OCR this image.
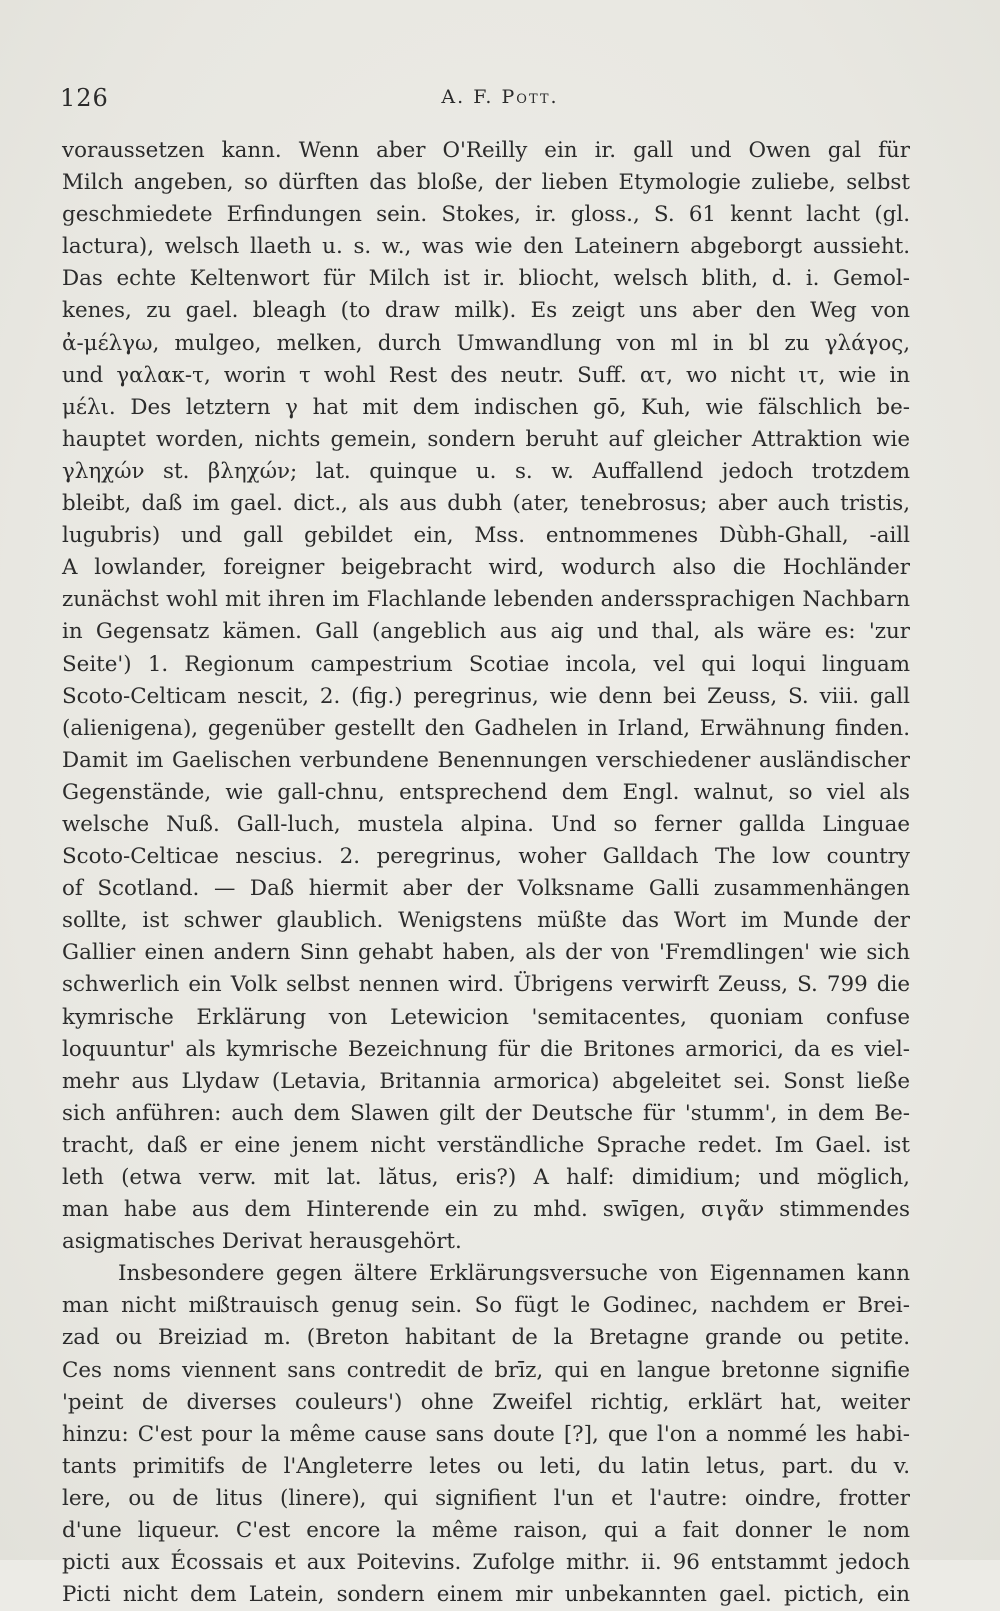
126	A. F. Pott.
voraussetzen kann. Wenn aber O'Reilly ein ir. gall und Owen gal für
Milch angeben, so dürften das bloße, der lieben Etymologie zuliebe, selbst
geschmiedete Erfindungen sein. Stokes, ir. gloss., S. 61 kennt lacht (gl.
lactura), welsch llaeth u. s. w., was wie den Lateinern abgeborgt aussieht.
Das echte Keltenwort für Milch ist ir. bliocht, welsch blith, d. i. Gemol-
kenes, zu gael. bleagh (to draw milk). Es zeigt uns aber den Weg von
ἀ-μέλγω, mulgeo, melken, durch Umwandlung von ml in bl zu γλάγος,
und γαλακ-τ, worin τ wohl Rest des neutr. Suff. ατ, wo nicht ιτ, wie in
μέλι. Des letztern γ hat mit dem indischen gō, Kuh, wie fälschlich be-
hauptet worden, nichts gemein, sondern beruht auf gleicher Attraktion wie
γληχών st. βληχών; lat. quinque u. s. w. Auffallend jedoch trotzdem
bleibt, daß im gael. dict., als aus dubh (ater, tenebrosus; aber auch tristis,
lugubris) und gall gebildet ein, Mss. entnommenes Dùbh-Ghall, -aill
A lowlander, foreigner beigebracht wird, wodurch also die Hochländer
zunächst wohl mit ihren im Flachlande lebenden anderssprachigen Nachbarn
in Gegensatz kämen. Gall (angeblich aus aig und thal, als wäre es: 'zur
Seite') 1. Regionum campestrium Scotiae incola, vel qui loqui linguam
Scoto-Celticam nescit, 2. (fig.) peregrinus, wie denn bei Zeuss, S. viii. gall
(alienigena), gegenüber gestellt den Gadhelen in Irland, Erwähnung finden.
Damit im Gaelischen verbundene Benennungen verschiedener ausländischer
Gegenstände, wie gall-chnu, entsprechend dem Engl. walnut, so viel als
welsche Nuß. Gall-luch, mustela alpina. Und so ferner gallda Linguae
Scoto-Celticae nescius. 2. peregrinus, woher Galldach The low country
of Scotland. — Daß hiermit aber der Volksname Galli zusammenhängen
sollte, ist schwer glaublich. Wenigstens müßte das Wort im Munde der
Gallier einen andern Sinn gehabt haben, als der von 'Fremdlingen' wie sich
schwerlich ein Volk selbst nennen wird. Übrigens verwirft Zeuss, S. 799 die
kymrische Erklärung von Letewicion 'semitacentes, quoniam confuse
loquuntur' als kymrische Bezeichnung für die Britones armorici, da es viel-
mehr aus Llydaw (Letavia, Britannia armorica) abgeleitet sei. Sonst ließe
sich anführen: auch dem Slawen gilt der Deutsche für 'stumm', in dem Be-
tracht, daß er eine jenem nicht verständliche Sprache redet. Im Gael. ist
leth (etwa verw. mit lat. lătus, eris?) A half: dimidium; und möglich,
man habe aus dem Hinterende ein zu mhd. swīgen, σιγᾶν stimmendes
asigmatisches Derivat herausgehört.
Insbesondere gegen ältere Erklärungsversuche von Eigennamen kann
man nicht mißtrauisch genug sein. So fügt le Godinec, nachdem er Brei-
zad ou Breiziad m. (Breton habitant de la Bretagne grande ou petite.
Ces noms viennent sans contredit de brīz, qui en langue bretonne signifie
'peint de diverses couleurs') ohne Zweifel richtig, erklärt hat, weiter
hinzu: C'est pour la même cause sans doute [?], que l'on a nommé les habi-
tants primitifs de l'Angleterre letes ou leti, du latin letus, part. du v.
lere, ou de litus (linere), qui signifient l'un et l'autre: oindre, frotter
d'une liqueur. C'est encore la même raison, qui a fait donner le nom
picti aux Écossais et aux Poitevins. Zufolge mithr. ii. 96 entstammt jedoch
Picti nicht dem Latein, sondern einem mir unbekannten gael. pictich, ein
